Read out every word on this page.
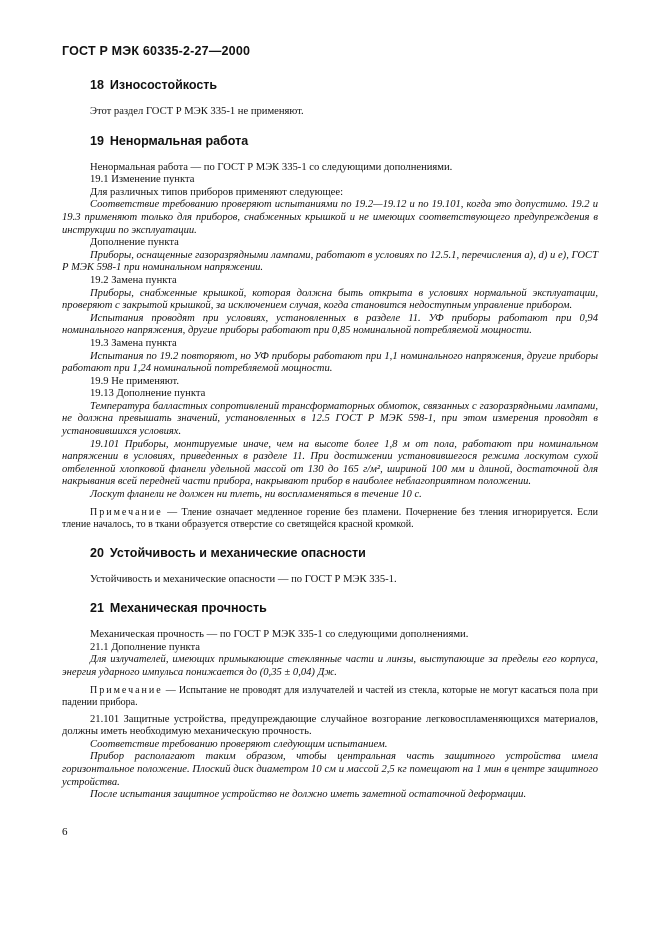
ГОСТ Р МЭК 60335-2-27—2000
18 Износостойкость

Этот раздел ГОСТ Р МЭК 335-1 не применяют.

19 Ненормальная работа

Ненормальная работа — по ГОСТ Р МЭК 335-1 со следующими дополнениями.

19.1 Изменение пункта

Для различных типов приборов применяют следующее:

Соответствие требованию проверяют испытаниями по 19.2—19.12 и по 19.101, когда это допустимо. 19.2 и 19.3 применяют только для приборов, снабженных крышкой и не имеющих соответствующего предупреждения в инструкции по эксплуатации.

Дополнение пункта

Приборы, оснащенные газоразрядными лампами, работают в условиях по 12.5.1, перечисления а), d) и е), ГОСТ Р МЭК 598-1 при номинальном напряжении.

19.2 Замена пункта

Приборы, снабженные крышкой, которая должна быть открыта в условиях нормальной эксплуатации, проверяют с закрытой крышкой, за исключением случая, когда становится недоступным управление прибором.

Испытания проводят при условиях, установленных в разделе 11. УФ приборы работают при 0,94 номинального напряжения, другие приборы работают при 0,85 номинальной потребляемой мощности.

19.3 Замена пункта

Испытания по 19.2 повторяют, но УФ приборы работают при 1,1 номинального напряжения, другие приборы работают при 1,24 номинальной потребляемой мощности.

19.9 Не применяют.

19.13 Дополнение пункта

Температура балластных сопротивлений трансформаторных обмоток, связанных с газоразрядными лампами, не должна превышать значений, установленных в 12.5 ГОСТ Р МЭК 598-1, при этом измерения проводят в установившихся условиях.

19.101 Приборы, монтируемые иначе, чем на высоте более 1,8 м от пола, работают при номинальном напряжении в условиях, приведенных в разделе 11. При достижении установившегося режима лоскутом сухой отбеленной хлопковой фланели удельной массой от 130 до 165 г/м², шириной 100 мм и длиной, достаточной для накрывания всей передней части прибора, накрывают прибор в наиболее неблагоприятном положении.

Лоскут фланели не должен ни тлеть, ни воспламеняться в течение 10 с.

Примечание — Тление означает медленное горение без пламени. Почернение без тления игнорируется. Если тление началось, то в ткани образуется отверстие со светящейся красной кромкой.

20 Устойчивость и механические опасности

Устойчивость и механические опасности — по ГОСТ Р МЭК 335-1.

21 Механическая прочность

Механическая прочность — по ГОСТ Р МЭК 335-1 со следующими дополнениями.

21.1 Дополнение пункта

Для излучателей, имеющих примыкающие стеклянные части и линзы, выступающие за пределы его корпуса, энергия ударного импульса понижается до (0,35 ± 0,04) Дж.

Примечание — Испытание не проводят для излучателей и частей из стекла, которые не могут касаться пола при падении прибора.

21.101 Защитные устройства, предупреждающие случайное возгорание легковоспламеняющихся материалов, должны иметь необходимую механическую прочность.

Соответствие требованию проверяют следующим испытанием.

Прибор располагают таким образом, чтобы центральная часть защитного устройства имела горизонтальное положение. Плоский диск диаметром 10 см и массой 2,5 кг помещают на 1 мин в центре защитного устройства.

После испытания защитное устройство не должно иметь заметной остаточной деформации.

6
